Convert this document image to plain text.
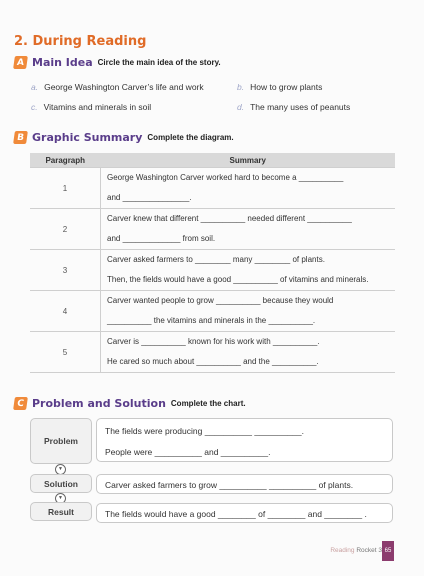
2. During Reading
A Main Idea Circle the main idea of the story.
a. George Washington Carver’s life and work	b. How to grow plants
c. Vitamins and minerals in soil	d. The many uses of peanuts
B Graphic Summary Complete the diagram.
Paragraph	Summary
1	George Washington Carver worked hard to become a __________
and _______________.

2	Carver knew that different __________ needed different __________
and _____________ from soil.

3	Carver asked farmers to ________ many ________ of plants.
Then, the fields would have a good __________ of vitamins and minerals.

4	Carver wanted people to grow __________ because they would
__________ the vitamins and minerals in the __________.

5	Carver is __________ known for his work with __________.
He cared so much about __________ and the __________.
C Problem and Solution Complete the chart.
Problem
The fields were producing __________ __________.
People were __________ and __________.
▼
Solution	Carver asked farmers to grow __________ __________ of plants.
▼
Result	The fields would have a good ________ of ________ and ________ .
Reading Rocket 3 65
